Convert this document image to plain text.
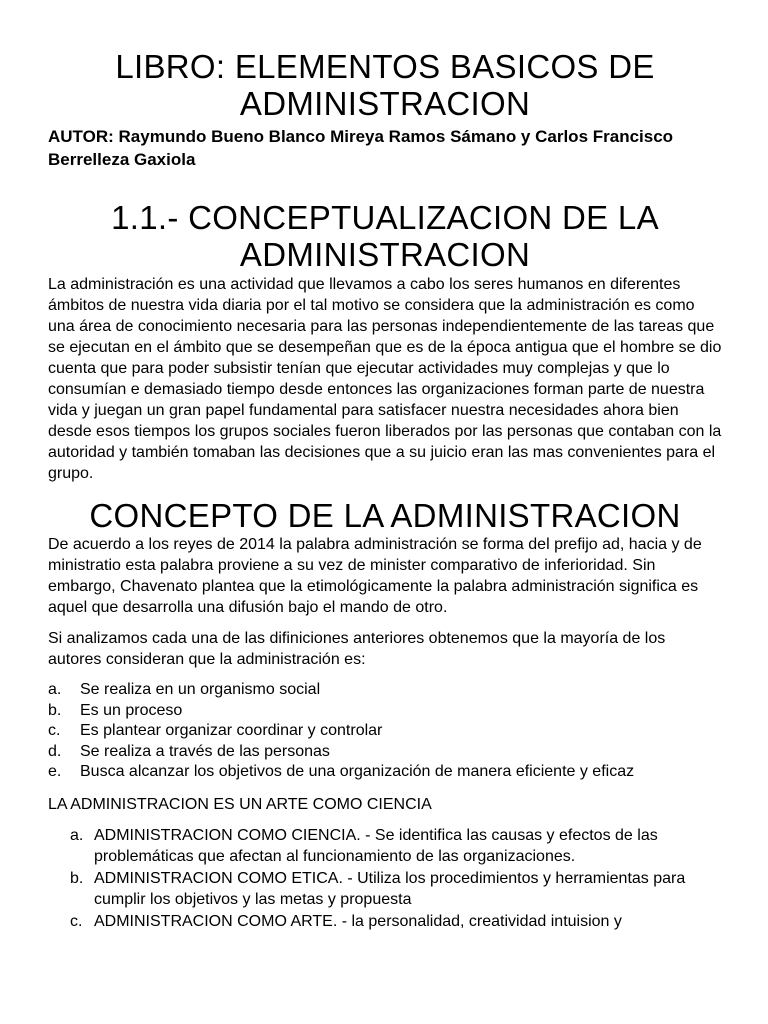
LIBRO: ELEMENTOS BASICOS DE ADMINISTRACION

AUTOR: Raymundo Bueno Blanco Mireya Ramos Sámano y Carlos Francisco Berrelleza Gaxiola

1.1.- CONCEPTUALIZACION DE LA ADMINISTRACION

La administración es una actividad que llevamos a cabo los seres humanos en diferentes ámbitos de nuestra vida diaria por el tal motivo se considera que la administración es como una área de conocimiento necesaria para las personas independientemente de las tareas que se ejecutan en el ámbito que se desempeñan que es de la época antigua que el hombre se dio cuenta que para poder subsistir tenían que ejecutar actividades muy complejas y que lo consumían e demasiado tiempo desde entonces las organizaciones forman parte de nuestra vida y juegan un gran papel fundamental para satisfacer nuestra necesidades ahora bien desde esos tiempos los grupos sociales fueron liberados por las personas que contaban con la autoridad y también tomaban las decisiones que a su juicio eran las mas convenientes para el grupo.

CONCEPTO DE LA ADMINISTRACION

De acuerdo a los reyes de 2014 la palabra administración se forma del prefijo ad, hacia y de ministratio esta palabra proviene a su vez de minister comparativo de inferioridad. Sin embargo, Chavenato plantea que la etimológicamente la palabra administración significa es aquel que desarrolla una difusión bajo el mando de otro.

Si analizamos cada una de las difiniciones anteriores obtenemos que la mayoría de los autores consideran que la administración es:

a.	Se realiza en un organismo social
b.	Es un proceso
c.	Es plantear organizar coordinar y controlar
d.	Se realiza a través de las personas
e.	Busca alcanzar los objetivos de una organización de manera eficiente y eficaz

LA ADMINISTRACION ES UN ARTE COMO CIENCIA

a. ADMINISTRACION COMO CIENCIA. - Se identifica las causas y efectos de las problemáticas que afectan al funcionamiento de las organizaciones.
b. ADMINISTRACION COMO ETICA. - Utiliza los procedimientos y herramientas para cumplir los objetivos y las metas y propuesta
c. ADMINISTRACION COMO ARTE. - la personalidad, creatividad intuision y
